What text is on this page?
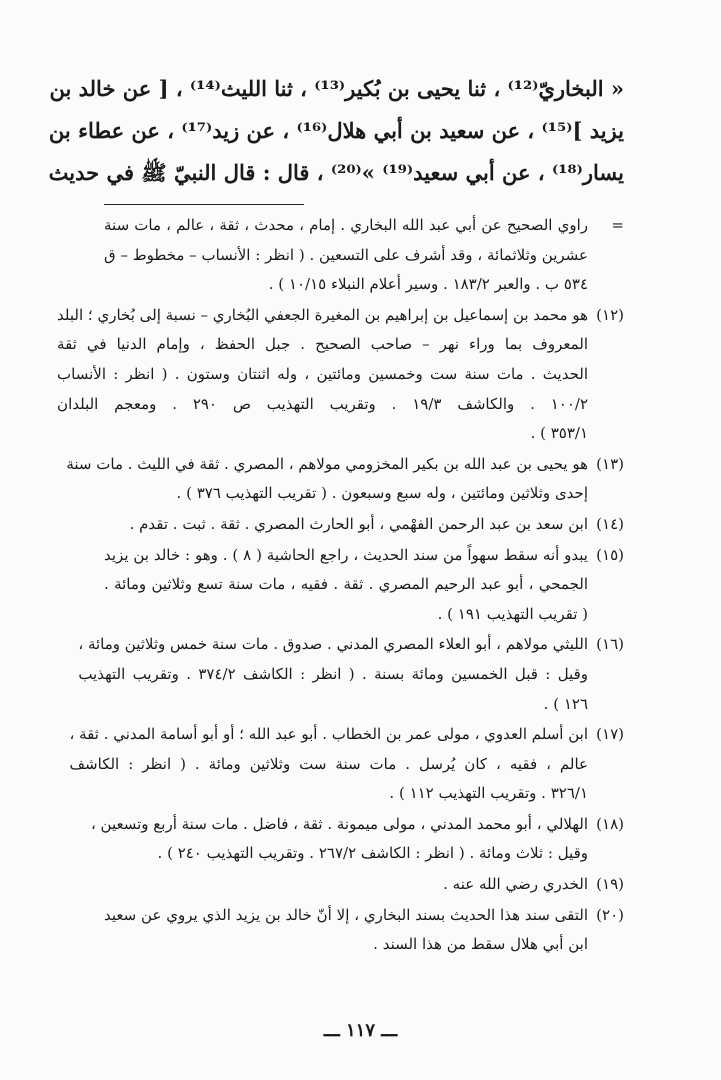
« البخاريّ⁽¹²⁾ ، ثنا يحيى بن بُكير⁽¹³⁾ ، ثنا الليث⁽¹⁴⁾ ، [ عن خالد بن
يزيد ]⁽¹⁵⁾ ، عن سعيد بن أبي هلال⁽¹⁶⁾ ، عن زيد⁽¹⁷⁾ ، عن عطاء بن
يسار⁽¹⁸⁾ ، عن أبي سعيد⁽¹⁹⁾ »⁽²⁰⁾ ، قال : قال النبيّ ﷺ في حديث
=
راوي الصحيح عن أبي عبد الله البخاري . إمام ، محدث ، ثقة ، عالم ، مات سنة
عشرين وثلاثمائة ، وقد أشرف على التسعين . ( انظر : الأنساب – مخطوط – ق
٥٣٤ ب . والعبر ١٨٣/٢ . وسير أعلام النبلاء ١٠/١٥ ) .
(١٢)
هو محمد بن إسماعيل بن إبراهيم بن المغيرة الجعفي البُخاري – نسبة إلى بُخاري ؛ البلد
المعروف بما وراء نهر – صاحب الصحيح . جبل الحفظ ، وإمام الدنيا في ثقة
الحديث . مات سنة ست وخمسين ومائتين ، وله اثنتان وستون . ( انظر : الأنساب
١٠٠/٢ . والكاشف ١٩/٣ . وتقريب التهذيب ص ٢٩٠ . ومعجم البلدان
٣٥٣/١ ) .
(١٣)
هو يحيى بن عبد الله بن بكير المخزومي مولاهم ، المصري . ثقة في الليث . مات سنة
إحدى وثلاثين ومائتين ، وله سبع وسبعون . ( تقريب التهذيب ٣٧٦ ) .
(١٤)
ابن سعد بن عبد الرحمن الفهْمي ، أبو الحارث المصري . ثقة . ثبت . تقدم .
(١٥)
يبدو أنه سقط سهواً من سند الحديث ، راجع الحاشية ( ٨ ) . وهو : خالد بن يزيد
الجمحي ، أبو عبد الرحيم المصري . ثقة . فقيه ، مات سنة تسع وثلاثين ومائة .
( تقريب التهذيب ١٩١ ) .
(١٦)
الليثي مولاهم ، أبو العلاء المصري المدني . صدوق . مات سنة خمس وثلاثين ومائة ،
وقيل : قبل الخمسين ومائة بسنة . ( انظر : الكاشف ٣٧٤/٢ . وتقريب التهذيب
١٢٦ ) .
(١٧)
ابن أسلم العدوي ، مولى عمر بن الخطاب . أبو عبد الله ؛ أو أبو أسامة المدني . ثقة ،
عالم ، فقيه ، كان يُرسل . مات سنة ست وثلاثين ومائة . ( انظر : الكاشف
٣٢٦/١ . وتقريب التهذيب ١١٢ ) .
(١٨)
الهلالي ، أبو محمد المدني ، مولى ميمونة . ثقة ، فاضل . مات سنة أربع وتسعين ،
وقيل : ثلاث ومائة . ( انظر : الكاشف ٢٦٧/٢ . وتقريب التهذيب ٢٤٠ ) .
(١٩)
الخدري رضي الله عنه .
(٢٠)
التقى سند هذا الحديث بسند البخاري ، إلا أنّ خالد بن يزيد الذي يروي عن سعيد
ابن أبي هلال سقط من هذا السند .
ـــ ١١٧ ـــ
